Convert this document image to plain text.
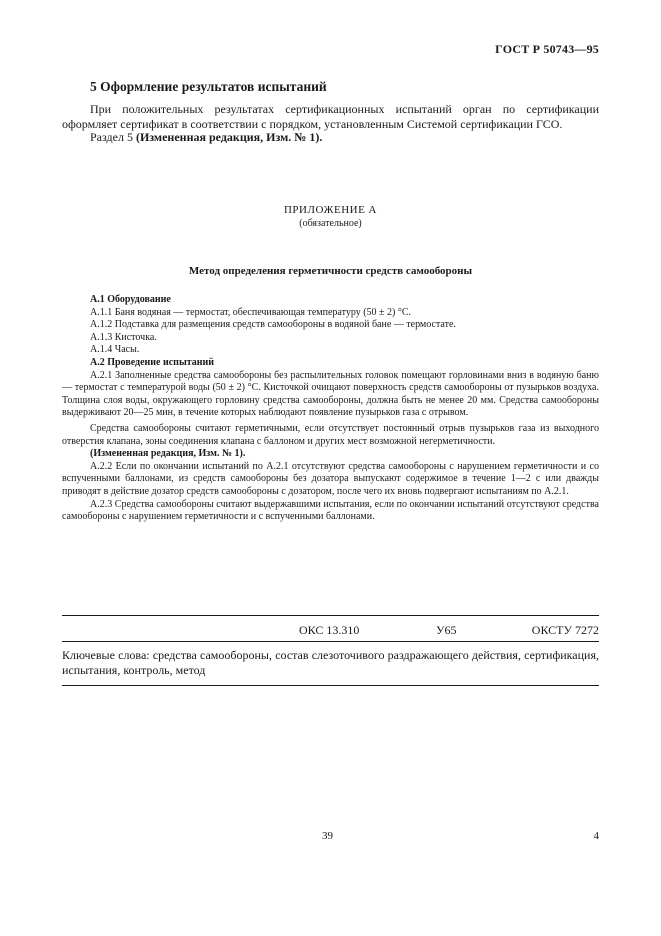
ГОСТ Р 50743—95
5 Оформление результатов испытаний
При положительных результатах сертификационных испытаний орган по сертификации оформляет сертификат в соответствии с порядком, установленным Системой сертификации ГСО.
Раздел 5 (Измененная редакция, Изм. № 1).
ПРИЛОЖЕНИЕ А
(обязательное)
Метод определения герметичности средств самообороны
А.1 Оборудование
А.1.1 Баня водяная — термостат, обеспечивающая температуру (50 ± 2) °С.
А.1.2 Подставка для размещения средств самообороны в водяной бане — термостате.
А.1.3 Кисточка.
А.1.4 Часы.
А.2 Проведение испытаний
А.2.1 Заполненные средства самообороны без распылительных головок помещают горловинами вниз в водяную баню — термостат с температурой воды (50 ± 2) °С. Кисточкой очищают поверхность средств самообороны от пузырьков воздуха. Толщина слоя воды, окружающего горловину средства самообороны, должна быть не менее 20 мм. Средства самообороны выдерживают 20—25 мин, в течение которых наблюдают появление пузырьков газа с отрывом.
Средства самообороны считают герметичными, если отсутствует постоянный отрыв пузырьков газа из выходного отверстия клапана, зоны соединения клапана с баллоном и других мест возможной негерметичности.
(Измененная редакция, Изм. № 1).
А.2.2 Если по окончании испытаний по А.2.1 отсутствуют средства самообороны с нарушением герметичности и со вспученными баллонами, из средств самообороны без дозатора выпускают содержимое в течение 1—2 с или дважды приводят в действие дозатор средств самообороны с дозатором, после чего их вновь подвергают испытаниям по А.2.1.
А.2.3 Средства самообороны считают выдержавшими испытания, если по окончании испытаний отсутствуют средства самообороны с нарушением герметичности и с вспученными баллонами.
ОКС 13.310	У65	ОКСТУ 7272
Ключевые слова: средства самообороны, состав слезоточивого раздражающего действия, сертификация, испытания, контроль, метод
39	4
